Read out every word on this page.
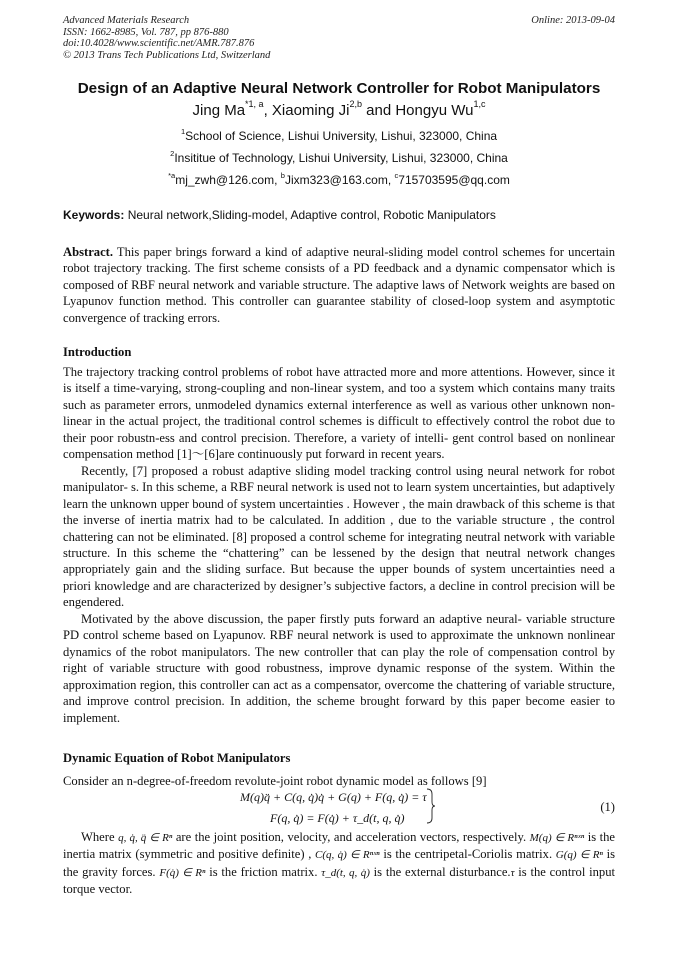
Advanced Materials Research
ISSN: 1662-8985, Vol. 787, pp 876-880
doi:10.4028/www.scientific.net/AMR.787.876
© 2013 Trans Tech Publications Ltd, Switzerland
Online: 2013-09-04
Design of an Adaptive Neural Network Controller for Robot Manipulators
Jing Ma$^{*1, a}$, Xiaoming Ji$^{2,b}$ and Hongyu Wu$^{1,c}$
$^1$School of Science, Lishui University, Lishui, 323000, China
$^2$Insititue of Technology, Lishui University, Lishui, 323000, China
$^{*a}$mj_zwh@126.com, $^b$Jixm323@163.com, $^c$715703595@qq.com
Keywords: Neural network,Sliding-model, Adaptive control, Robotic Manipulators
Abstract. This paper brings forward a kind of adaptive neural-sliding model control schemes for uncertain robot trajectory tracking. The first scheme consists of a PD feedback and a dynamic compensator which is composed of RBF neural network and variable structure. The adaptive laws of Network weights are based on Lyapunov function method. This controller can guarantee stability of closed-loop system and asymptotic convergence of tracking errors.
Introduction

The trajectory tracking control problems of robot have attracted more and more attentions. However, since it is itself a time-varying, strong-coupling and non-linear system, and too a system which contains many traits such as parameter errors, unmodeled dynamics external interference as well as various other unknown non-linear in the actual project, the traditional control schemes is difficult to effectively control the robot due to their poor robustn-ess and control precision. Therefore, a variety of intelli- gent control based on nonlinear compensation method [1]～[6]are continuously put forward in recent years.

Recently, [7] proposed a robust adaptive sliding model tracking control using neural network for robot manipulator- s. In this scheme, a RBF neural network is used not to learn system uncertainties, but adaptively learn the unknown upper bound of system uncertainties . However , the main drawback of this scheme is that the inverse of inertia matrix had to be calculated. In addition , due to the variable structure , the control chattering can not be eliminated. [8] proposed a control scheme for integrating neutral network with variable structure. In this scheme the “chattering” can be lessened by the design that neutral network changes appropriately gain and the sliding surface. But because the upper bounds of system uncertainties need a priori knowledge and are characterized by designer’s subjective factors, a decline in control precision will be engendered.

Motivated by the above discussion, the paper firstly puts forward an adaptive neural- variable structure PD control scheme based on Lyapunov. RBF neural network is used to approximate the unknown nonlinear dynamics of the robot manipulators. The new controller that can play the role of compensation control by right of variable structure with good robustness, improve dynamic response of the system. Within the approximation region, this controller can act as a compensator, overcome the chattering of variable structure, and improve control precision. In addition, the scheme brought forward by this paper become easier to implement.

Dynamic Equation of Robot Manipulators
Consider an n-degree-of-freedom revolute-joint robot dynamic model as follows [9]
M(q)q̈ + C(q, q̇)q̇ + G(q) + F(q, q̇) = τ
F(q, q̇) = F(q̇) + τ_d(t, q, q̇)
(1)

Where q, q̇, q̈ ∈ Rⁿ are the joint position, velocity, and acceleration vectors, respectively. M(q) ∈ Rⁿˣⁿ is the inertia matrix (symmetric and positive definite) , C(q, q̇) ∈ Rⁿˣⁿ is the centripetal-Coriolis matrix. G(q) ∈ Rⁿ is the gravity forces. F(q̇) ∈ Rⁿ is the friction matrix. τ_d(t, q, q̇) is the external disturbance.τ is the control input torque vector.
